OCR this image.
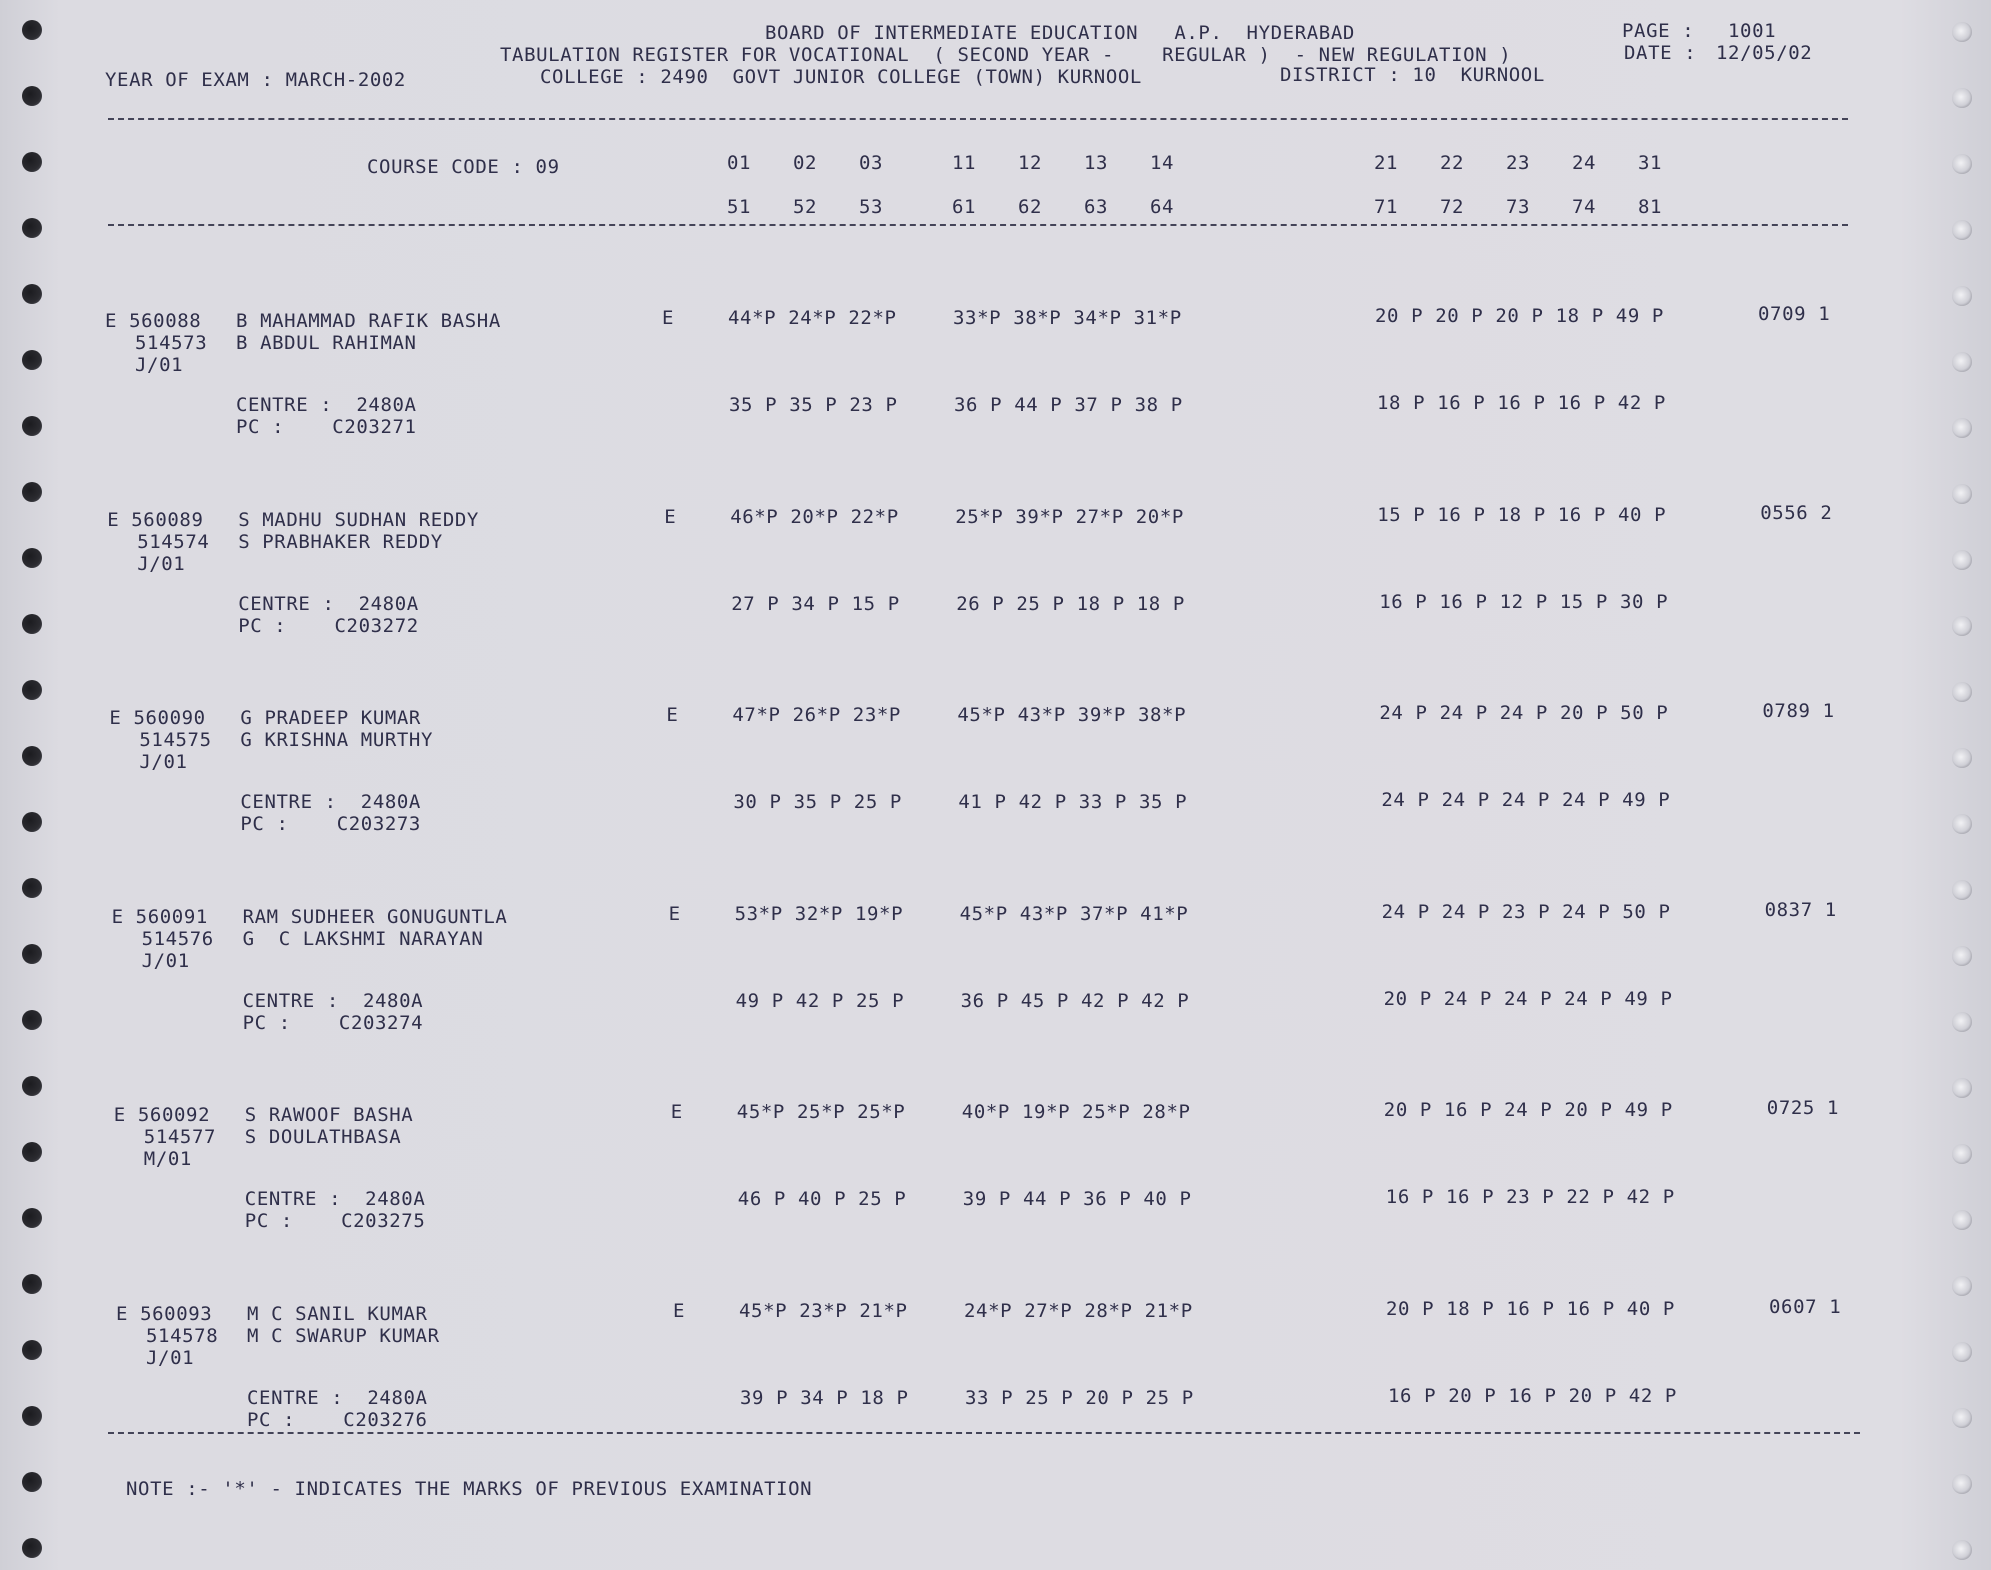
BOARD OF INTERMEDIATE EDUCATION   A.P.  HYDERABAD	PAGE : 1001
TABULATION REGISTER FOR VOCATIONAL  ( SECOND YEAR -    REGULAR )  - NEW REGULATION )	DATE : 12/05/02
YEAR OF EXAM : MARCH-2002	COLLEGE : 2490  GOVT JUNIOR COLLEGE (TOWN) KURNOOL	DISTRICT : 10  KURNOOL
COURSE CODE : 09	01 02 03	11 12 13 14	21 22 23 24 31
51 52 53	61 62 63 64	71 72 73 74 81
E 560088
514573
J/01
B MAHAMMAD RAFIK BASHA
B ABDUL RAHIMAN
E	44*P 24*P 22*P	33*P 38*P 34*P 31*P	20 P 20 P 20 P 18 P 49 P	0709 1
CENTRE :  2480A
PC :    C203271
35 P 35 P 23 P	36 P 44 P 37 P 38 P	18 P 16 P 16 P 16 P 42 P
E 560089
514574
J/01
S MADHU SUDHAN REDDY
S PRABHAKER REDDY
E	46*P 20*P 22*P	25*P 39*P 27*P 20*P	15 P 16 P 18 P 16 P 40 P	0556 2
CENTRE :  2480A
PC :    C203272
27 P 34 P 15 P	26 P 25 P 18 P 18 P	16 P 16 P 12 P 15 P 30 P
E 560090
514575
J/01
G PRADEEP KUMAR
G KRISHNA MURTHY
E	47*P 26*P 23*P	45*P 43*P 39*P 38*P	24 P 24 P 24 P 20 P 50 P	0789 1
CENTRE :  2480A
PC :    C203273
30 P 35 P 25 P	41 P 42 P 33 P 35 P	24 P 24 P 24 P 24 P 49 P
E 560091
514576
J/01
RAM SUDHEER GONUGUNTLA
G  C LAKSHMI NARAYAN
E	53*P 32*P 19*P	45*P 43*P 37*P 41*P	24 P 24 P 23 P 24 P 50 P	0837 1
CENTRE :  2480A
PC :    C203274
49 P 42 P 25 P	36 P 45 P 42 P 42 P	20 P 24 P 24 P 24 P 49 P
E 560092
514577
M/01
S RAWOOF BASHA
S DOULATHBASA
E	45*P 25*P 25*P	40*P 19*P 25*P 28*P	20 P 16 P 24 P 20 P 49 P	0725 1
CENTRE :  2480A
PC :    C203275
46 P 40 P 25 P	39 P 44 P 36 P 40 P	16 P 16 P 23 P 22 P 42 P
E 560093
514578
J/01
M C SANIL KUMAR
M C SWARUP KUMAR
E	45*P 23*P 21*P	24*P 27*P 28*P 21*P	20 P 18 P 16 P 16 P 40 P	0607 1
CENTRE :  2480A
PC :    C203276
39 P 34 P 18 P	33 P 25 P 20 P 25 P	16 P 20 P 16 P 20 P 42 P
NOTE :- '*' - INDICATES THE MARKS OF PREVIOUS EXAMINATION
